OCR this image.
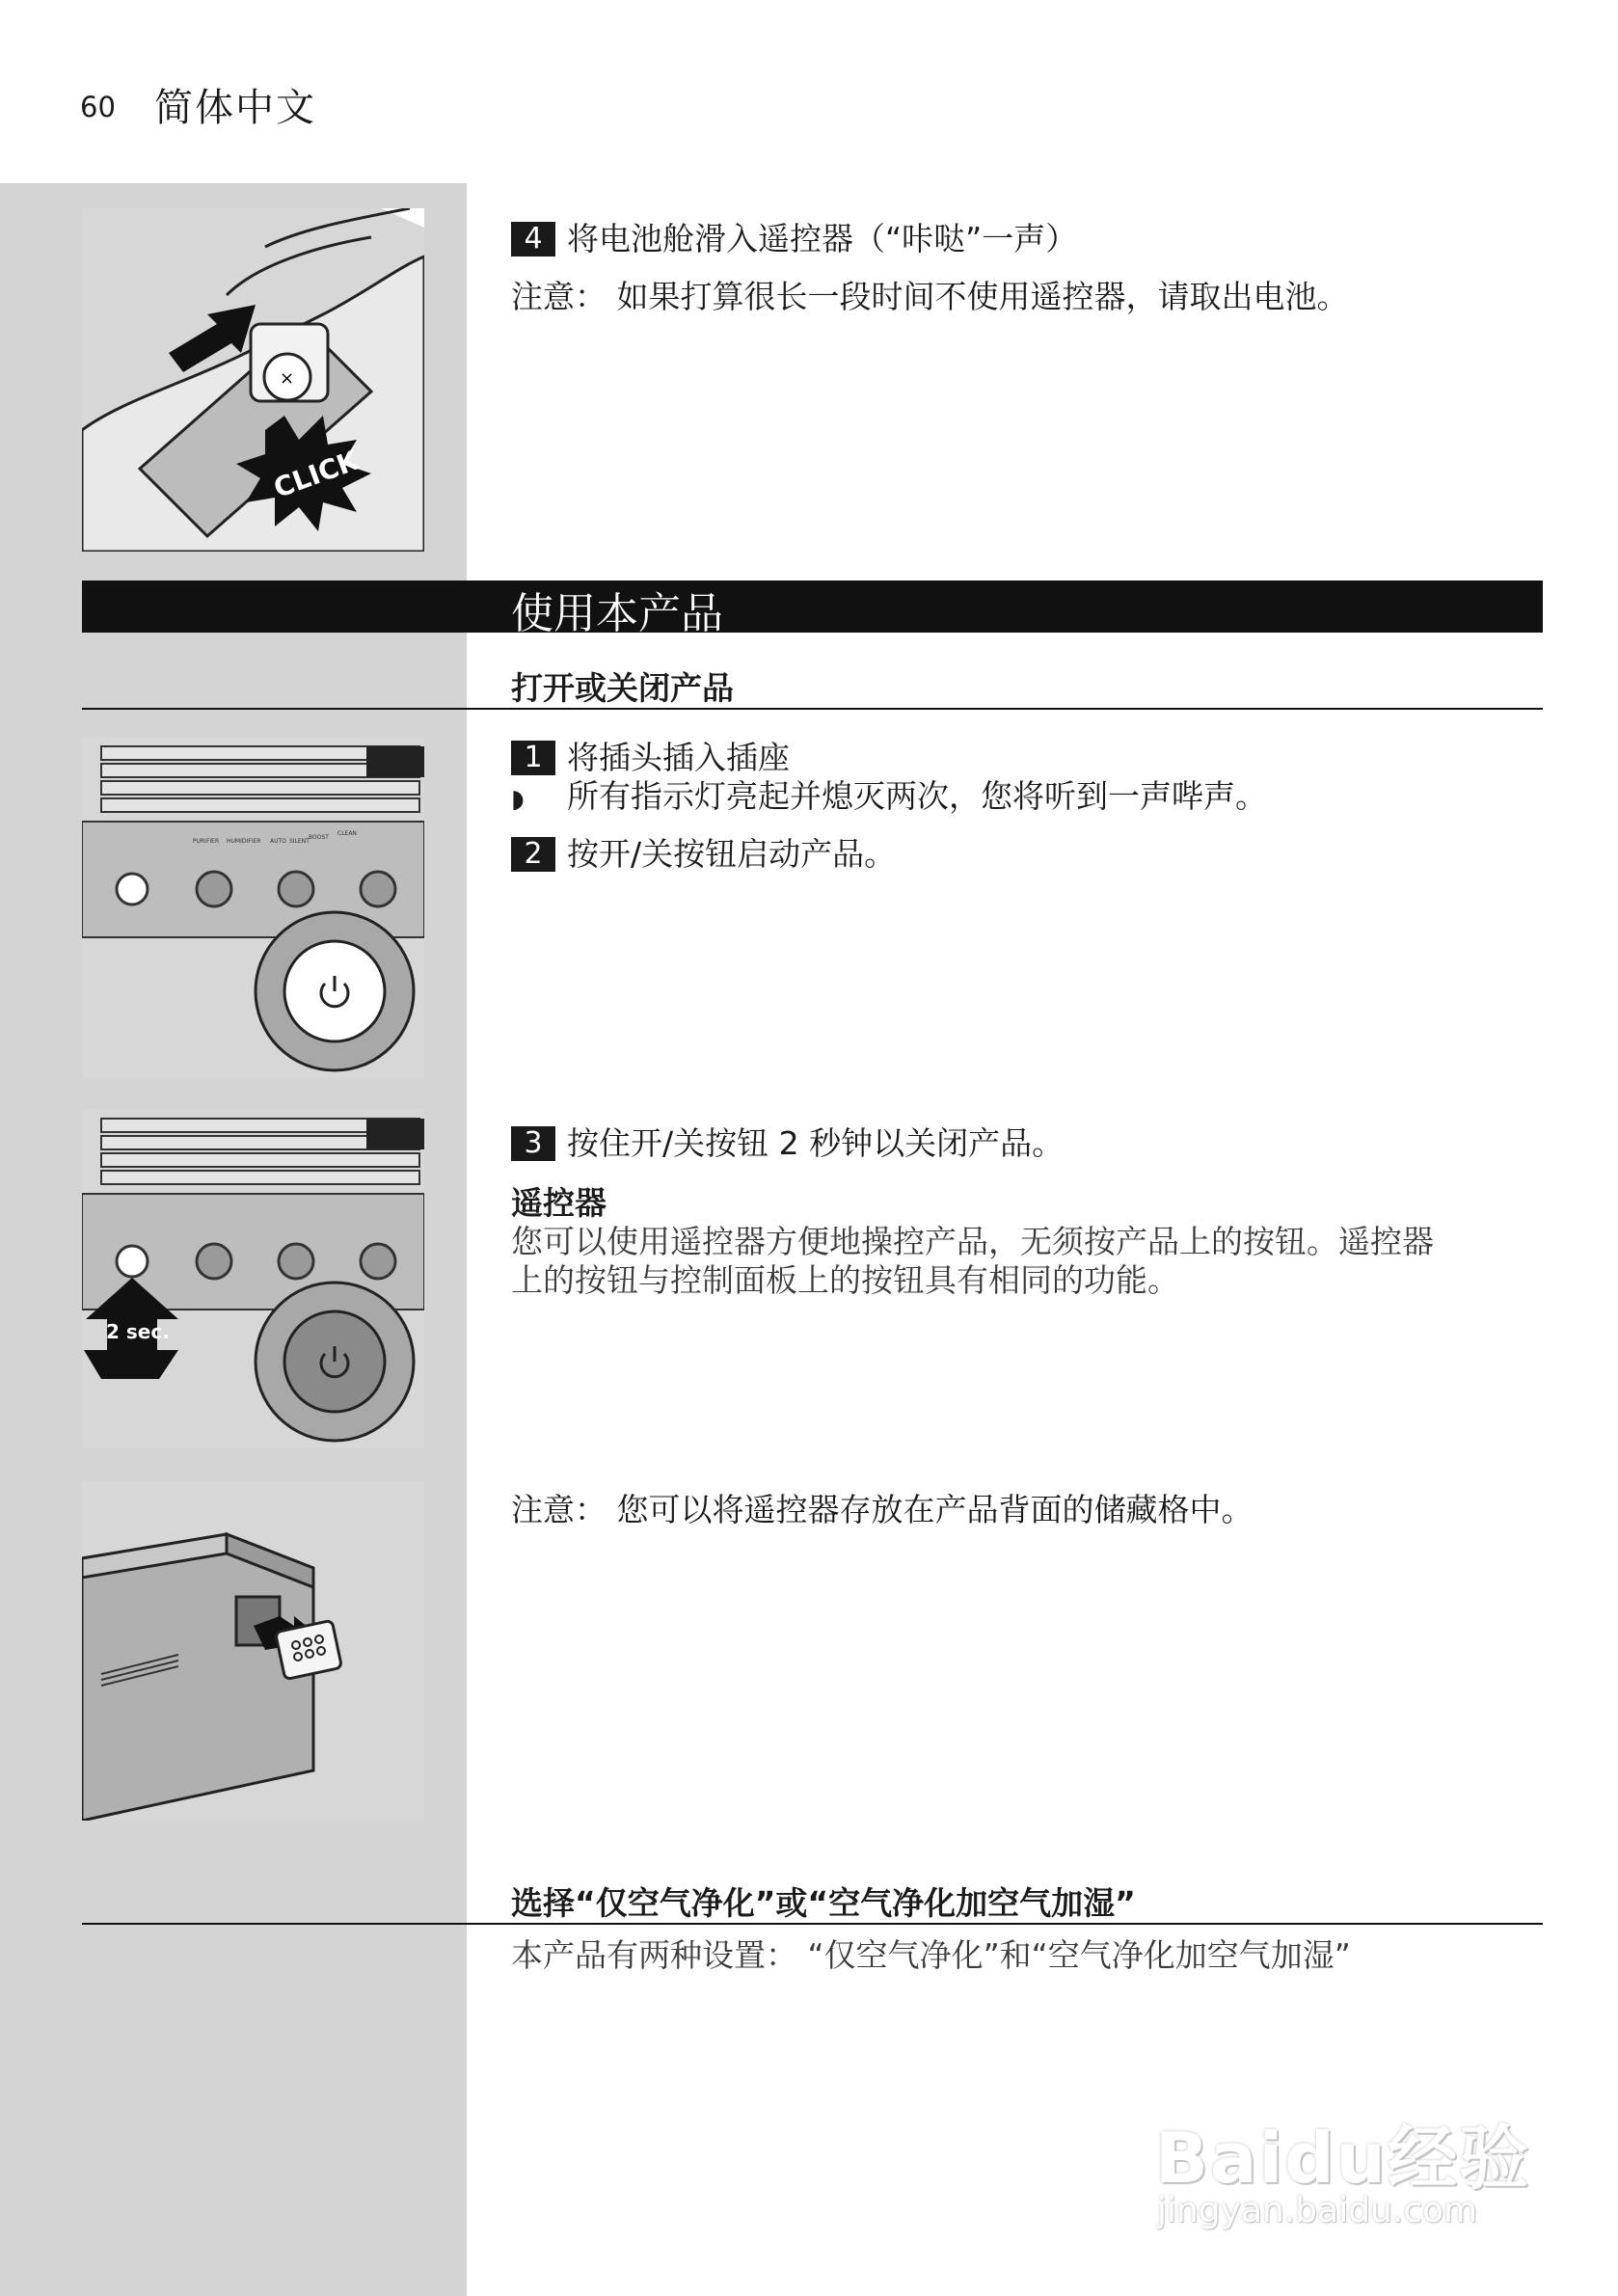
60 简体中文
×
CLICK
4 将电池舱滑入遥控器（“咔哒”一声）
注意： 如果打算很长一段时间不使用遥控器，请取出电池。
使用本产品
打开或关闭产品
PURIFIER HUMIDIFIER AUTO SILENT
BOOST
CLEAN
1 将插头插入插座
◗ 所有指示灯亮起并熄灭两次，您将听到一声哔声。
2 按开/关按钮启动产品。
2 sec.
3 按住开/关按钮 2 秒钟以关闭产品。
遥控器
您可以使用遥控器方便地操控产品，无须按产品上的按钮。遥控器
上的按钮与控制面板上的按钮具有相同的功能。
注意： 您可以将遥控器存放在产品背面的储藏格中。
选择“仅空气净化”或“空气净化加空气加湿”
本产品有两种设置： “仅空气净化”和“空气净化加空气加湿”
Baidu经验
jingyan.baidu.com
